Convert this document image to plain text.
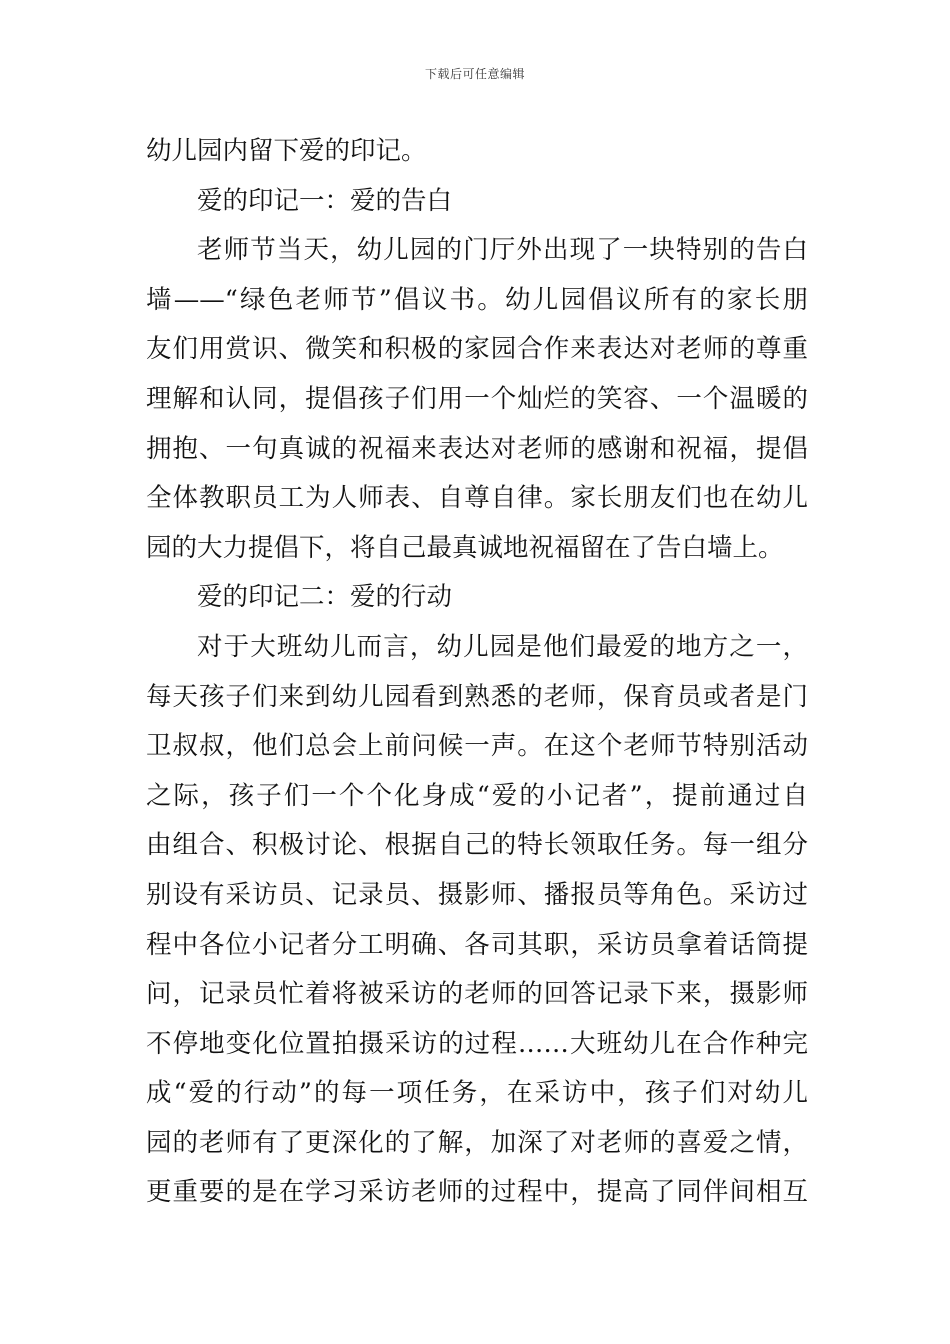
下载后可任意编辑
幼儿园内留下爱的印记。
爱的印记一：爱的告白
老师节当天，幼儿园的门厅外出现了一块特别的告白
墙——“绿色老师节”倡议书。幼儿园倡议所有的家长朋
友们用赏识、微笑和积极的家园合作来表达对老师的尊重
理解和认同，提倡孩子们用一个灿烂的笑容、一个温暖的
拥抱、一句真诚的祝福来表达对老师的感谢和祝福，提倡
全体教职员工为人师表、自尊自律。家长朋友们也在幼儿
园的大力提倡下，将自己最真诚地祝福留在了告白墙上。
爱的印记二：爱的行动
对于大班幼儿而言，幼儿园是他们最爱的地方之一，
每天孩子们来到幼儿园看到熟悉的老师，保育员或者是门
卫叔叔，他们总会上前问候一声。在这个老师节特别活动
之际，孩子们一个个化身成“爱的小记者”，提前通过自
由组合、积极讨论、根据自己的特长领取任务。每一组分
别设有采访员、记录员、摄影师、播报员等角色。采访过
程中各位小记者分工明确、各司其职，采访员拿着话筒提
问，记录员忙着将被采访的老师的回答记录下来，摄影师
不停地变化位置拍摄采访的过程……大班幼儿在合作种完
成“爱的行动”的每一项任务，在采访中，孩子们对幼儿
园的老师有了更深化的了解，加深了对老师的喜爱之情，
更重要的是在学习采访老师的过程中，提高了同伴间相互
